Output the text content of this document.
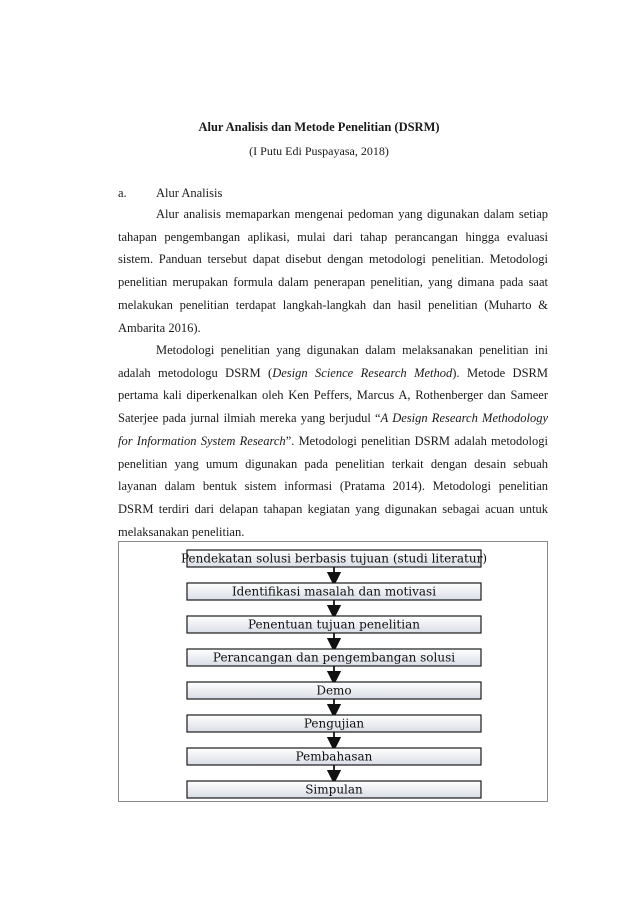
Alur Analisis dan Metode Penelitian (DSRM)
(I Putu Edi Puspayasa, 2018)
a. Alur Analisis

Alur analisis memaparkan mengenai pedoman yang digunakan dalam setiap tahapan pengembangan aplikasi, mulai dari tahap perancangan hingga evaluasi sistem. Panduan tersebut dapat disebut dengan metodologi penelitian. Metodologi penelitian merupakan formula dalam penerapan penelitian, yang dimana pada saat melakukan penelitian terdapat langkah-langkah dan hasil penelitian (Muharto & Ambarita 2016).

Metodologi penelitian yang digunakan dalam melaksanakan penelitian ini adalah metodologu DSRM (Design Science Research Method). Metode DSRM pertama kali diperkenalkan oleh Ken Peffers, Marcus A, Rothenberger dan Sameer Saterjee pada jurnal ilmiah mereka yang berjudul “A Design Research Methodology for Information System Research”. Metodologi penelitian DSRM adalah metodologi penelitian yang umum digunakan pada penelitian terkait dengan desain sebuah layanan dalam bentuk sistem informasi (Pratama 2014). Metodologi penelitian DSRM terdiri dari delapan tahapan kegiatan yang digunakan sebagai acuan untuk melaksanakan penelitian.

Pendekatan solusi berbasis tujuan (studi literatur)
Identifikasi masalah dan motivasi
Penentuan tujuan penelitian
Perancangan dan pengembangan solusi
Demo
Pengujian
Pembahasan
Simpulan
